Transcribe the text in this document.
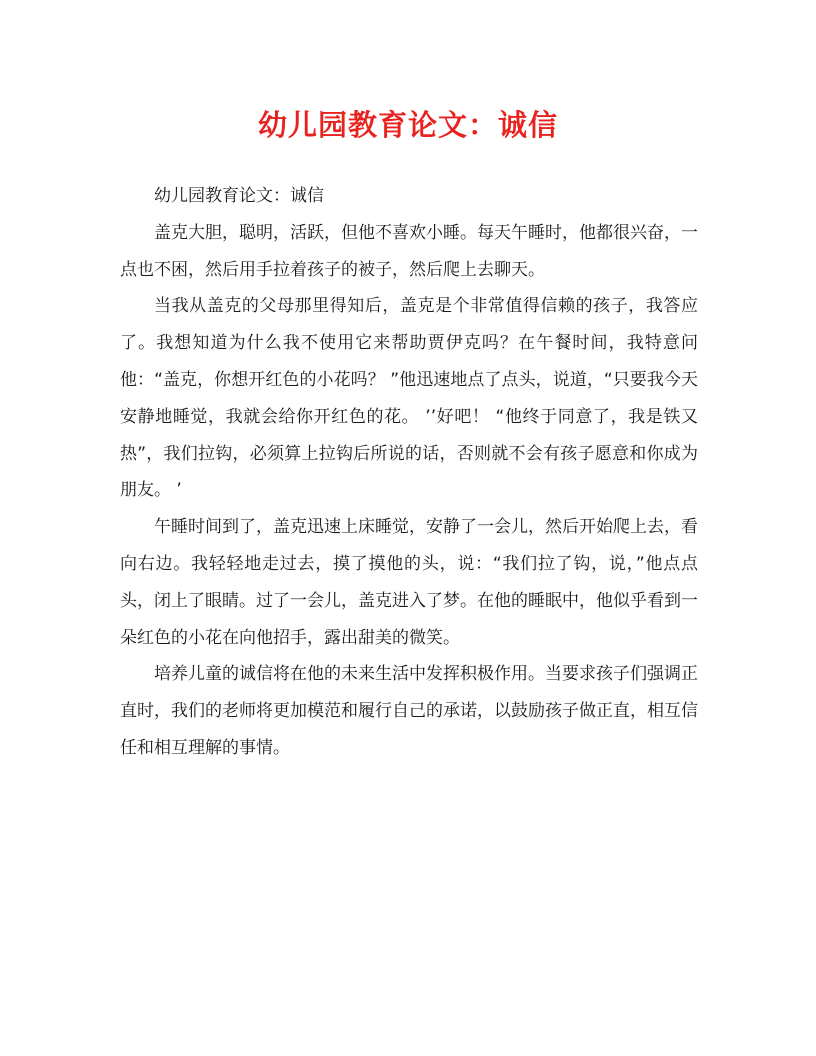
幼儿园教育论文：诚信

幼儿园教育论文：诚信

盖克大胆，聪明，活跃，但他不喜欢小睡。每天午睡时，他都很兴奋，一点也不困，然后用手拉着孩子的被子，然后爬上去聊天。

当我从盖克的父母那里得知后，盖克是个非常值得信赖的孩子，我答应了。我想知道为什么我不使用它来帮助贾伊克吗？在午餐时间，我特意问他：“盖克，你想开红色的小花吗？ ”他迅速地点了点头，说道，“只要我今天安静地睡觉，我就会给你开红色的花。 ’’好吧！ “他终于同意了，我是铁又热”，我们拉钩，必须算上拉钩后所说的话，否则就不会有孩子愿意和你成为朋友。 ’

午睡时间到了，盖克迅速上床睡觉，安静了一会儿，然后开始爬上去，看向右边。我轻轻地走过去，摸了摸他的头，说：“我们拉了钩，说，”他点点头，闭上了眼睛。过了一会儿，盖克进入了梦。在他的睡眠中，他似乎看到一朵红色的小花在向他招手，露出甜美的微笑。

培养儿童的诚信将在他的未来生活中发挥积极作用。当要求孩子们强调正直时，我们的老师将更加模范和履行自己的承诺，以鼓励孩子做正直，相互信任和相互理解的事情。
